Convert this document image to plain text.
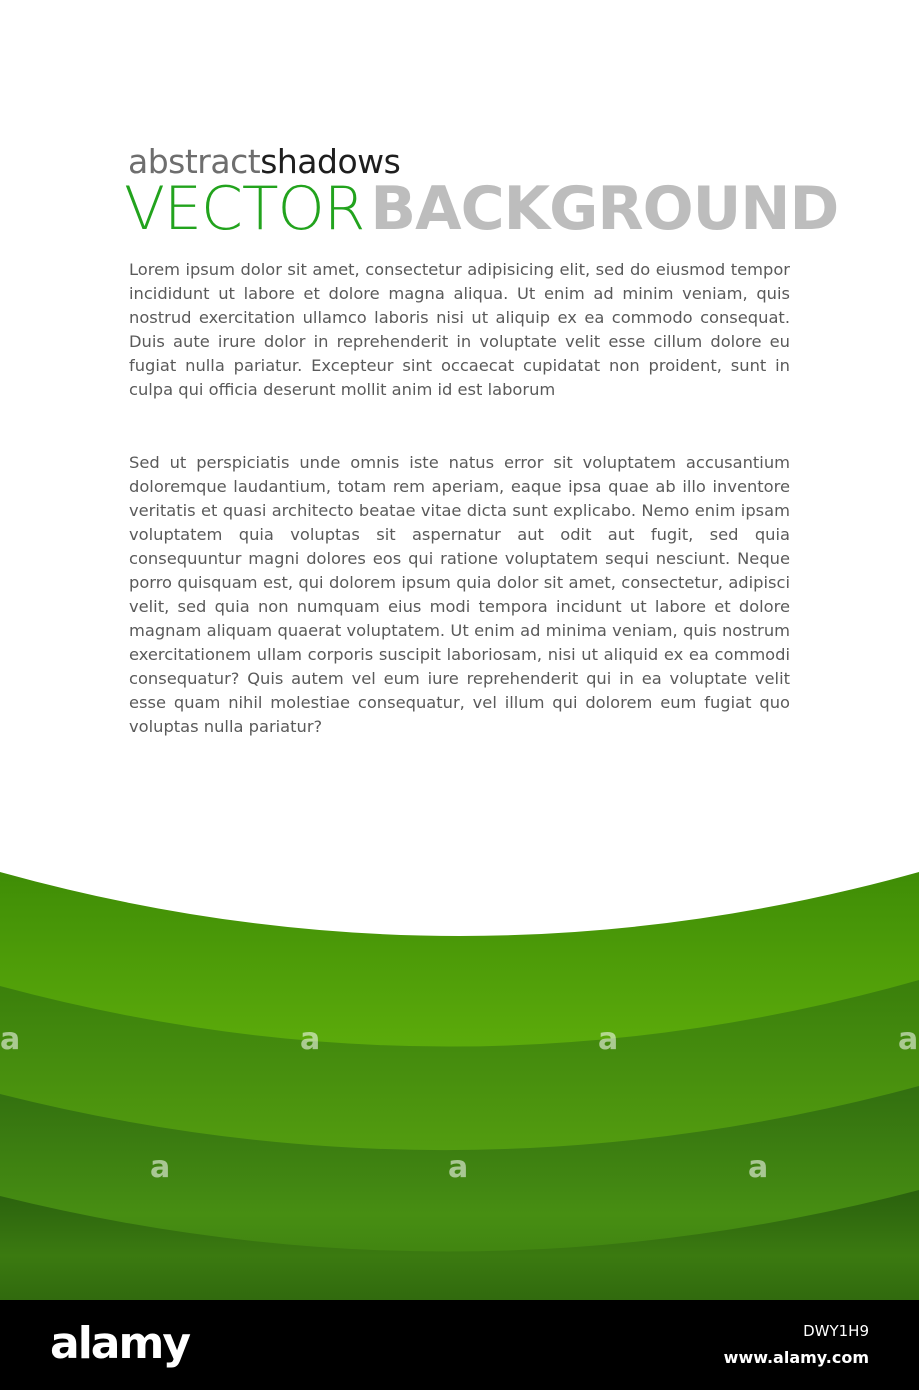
abstractshadows
VECTOR BACKGROUND

Lorem ipsum dolor sit amet, consectetur adipisicing elit, sed do eiusmod tempor incididunt ut labore et dolore magna aliqua. Ut enim ad minim veniam, quis nostrud exercitation ullamco laboris nisi ut aliquip ex ea commodo consequat. Duis aute irure dolor in reprehenderit in voluptate velit esse cillum dolore eu fugiat nulla pariatur. Excepteur sint occaecat cupidatat non proident, sunt in culpa qui officia deserunt mollit anim id est laborum

Sed ut perspiciatis unde omnis iste natus error sit voluptatem accusantium doloremque laudantium, totam rem aperiam, eaque ipsa quae ab illo inventore veritatis et quasi architecto beatae vitae dicta sunt explicabo. Nemo enim ipsam voluptatem quia voluptas sit aspernatur aut odit aut fugit, sed quia consequuntur magni dolores eos qui ratione voluptatem sequi nesciunt. Neque porro quisquam est, qui dolorem ipsum quia dolor sit amet, consectetur, adipisci velit, sed quia non numquam eius modi tempora incidunt ut labore et dolore magnam aliquam quaerat voluptatem. Ut enim ad minima veniam, quis nostrum exercitationem ullam corporis suscipit laboriosam, nisi ut aliquid ex ea commodi consequatur? Quis autem vel eum iure reprehenderit qui in ea voluptate velit esse quam nihil molestiae consequatur, vel illum qui dolorem eum fugiat quo voluptas nulla pariatur?

a	a	a
a	a
a	a
alamy	DWY1H9
www.alamy.com
